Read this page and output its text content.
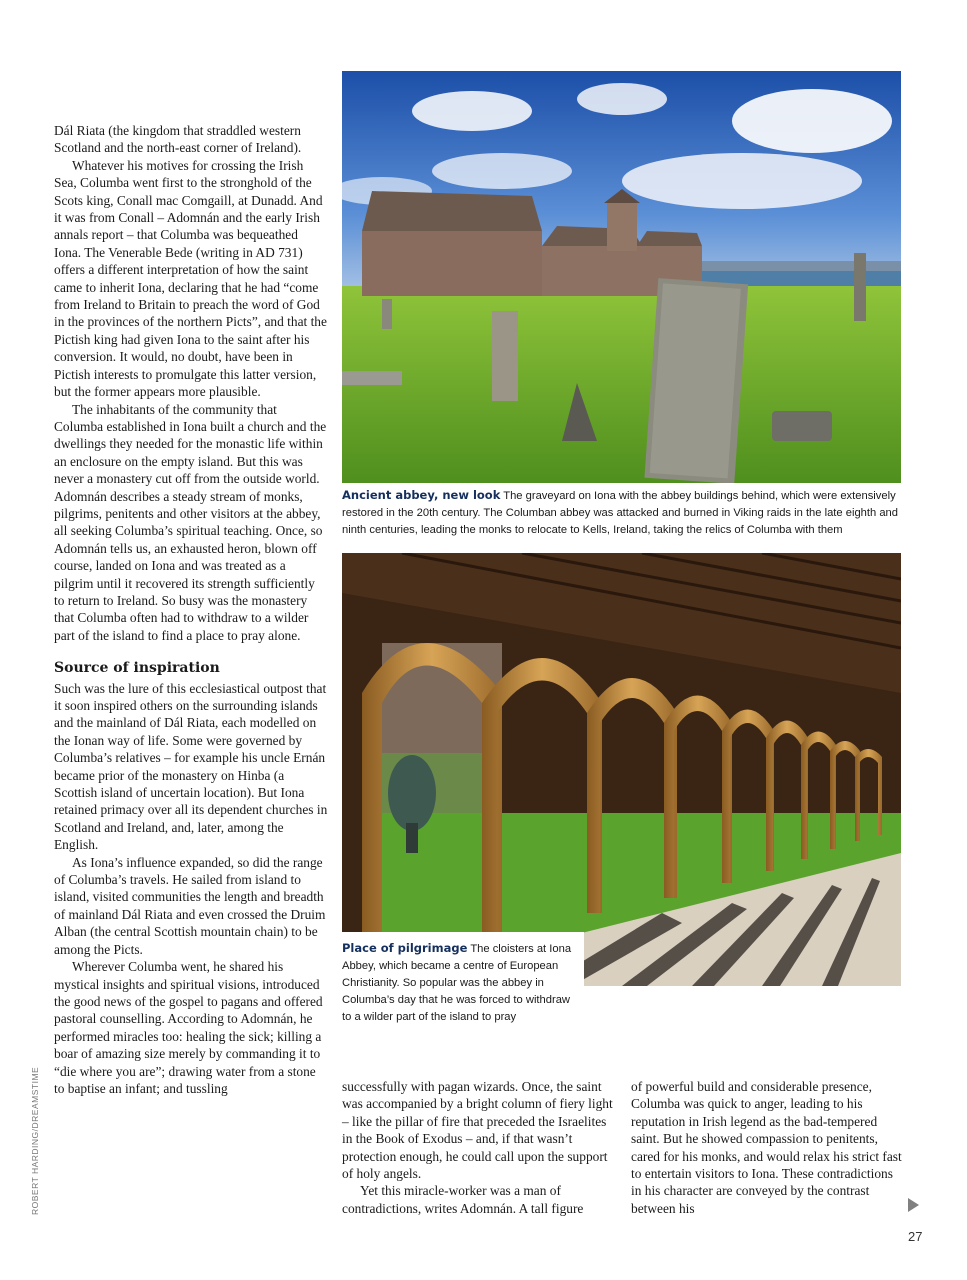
Dál Riata (the kingdom that straddled western Scotland and the north-east corner of Ireland).

Whatever his motives for crossing the Irish Sea, Columba went first to the stronghold of the Scots king, Conall mac Comgaill, at Dunadd. And it was from Conall – Adomnán and the early Irish annals report – that Columba was bequeathed Iona. The Venerable Bede (writing in AD 731) offers a different interpretation of how the saint came to inherit Iona, declaring that he had “come from Ireland to Britain to preach the word of God in the provinces of the northern Picts”, and that the Pictish king had given Iona to the saint after his conversion. It would, no doubt, have been in Pictish interests to promulgate this latter version, but the former appears more plausible.

The inhabitants of the community that Columba established in Iona built a church and the dwellings they needed for the monastic life within an enclosure on the empty island. But this was never a monastery cut off from the outside world. Adomnán describes a steady stream of monks, pilgrims, penitents and other visitors at the abbey, all seeking Columba’s spiritual teaching. Once, so Adomnán tells us, an exhausted heron, blown off course, landed on Iona and was treated as a pilgrim until it recovered its strength sufficiently to return to Ireland. So busy was the monastery that Columba often had to withdraw to a wilder part of the island to find a place to pray alone.

Source of inspiration

Such was the lure of this ecclesiastical outpost that it soon inspired others on the surrounding islands and the mainland of Dál Riata, each modelled on the Ionan way of life. Some were governed by Columba’s relatives – for example his uncle Ernán became prior of the monastery on Hinba (a Scottish island of uncertain location). But Iona retained primacy over all its dependent churches in Scotland and Ireland, and, later, among the English.

As Iona’s influence expanded, so did the range of Columba’s travels. He sailed from island to island, visited communities the length and breadth of mainland Dál Riata and even crossed the Druim Alban (the central Scottish mountain chain) to be among the Picts.

Wherever Columba went, he shared his mystical insights and spiritual visions, introduced the good news of the gospel to pagans and offered pastoral counselling. According to Adomnán, he performed miracles too: healing the sick; killing a boar of amazing size merely by commanding it to “die where you are”; drawing water from a stone to baptise an infant; and tussling

ROBERT HARDING/DREAMSTIME
Ancient abbey, new look The graveyard on Iona with the abbey buildings behind, which were extensively restored in the 20th century. The Columban abbey was attacked and burned in Viking raids in the late eighth and ninth centuries, leading the monks to relocate to Kells, Ireland, taking the relics of Columba with them
Place of pilgrimage The cloisters at Iona Abbey, which became a centre of European Christianity. So popular was the abbey in Columba’s day that he was forced to withdraw to a wilder part of the island to pray

successfully with pagan wizards. Once, the saint was accompanied by a bright column of fiery light – like the pillar of fire that preceded the Israelites in the Book of Exodus – and, if that wasn’t protection enough, he could call upon the support of holy angels.

Yet this miracle-worker was a man of contradictions, writes Adomnán. A tall figure

of powerful build and considerable presence, Columba was quick to anger, leading to his reputation in Irish legend as the bad-tempered saint. But he showed compassion to penitents, cared for his monks, and would relax his strict fast to entertain visitors to Iona. These contradictions in his character are conveyed by the contrast between his

27
